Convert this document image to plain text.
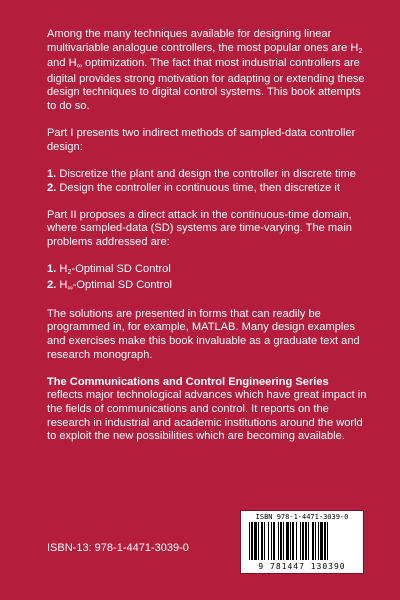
Among the many techniques available for designing linear multivariable analogue controllers, the most popular ones are $H_2$ and $H_\infty$ optimization. The fact that most industrial controllers are digital provides strong motivation for adapting or extending these design techniques to digital control systems. This book attempts to do so.

Part I presents two indirect methods of sampled-data controller design:

1. Discretize the plant and design the controller in discrete time
2. Design the controller in continuous time, then discretize it

Part II proposes a direct attack in the continuous-time domain, where sampled-data (SD) systems are time-varying. The main problems addressed are:

1. $H_2$-Optimal SD Control
2. $H_\infty$-Optimal SD Control

The solutions are presented in forms that can readily be programmed in, for example, MATLAB. Many design examples and exercises make this book invaluable as a graduate text and research monograph.

The Communications and Control Engineering Series reflects major technological advances which have great impact in the fields of communications and control. It reports on the research in industrial and academic institutions around the world to exploit the new possibilities which are becoming available.

ISBN-13: 978-1-4471-3039-0
ISBN 978-1-4471-3039-0
9 781447 130390
